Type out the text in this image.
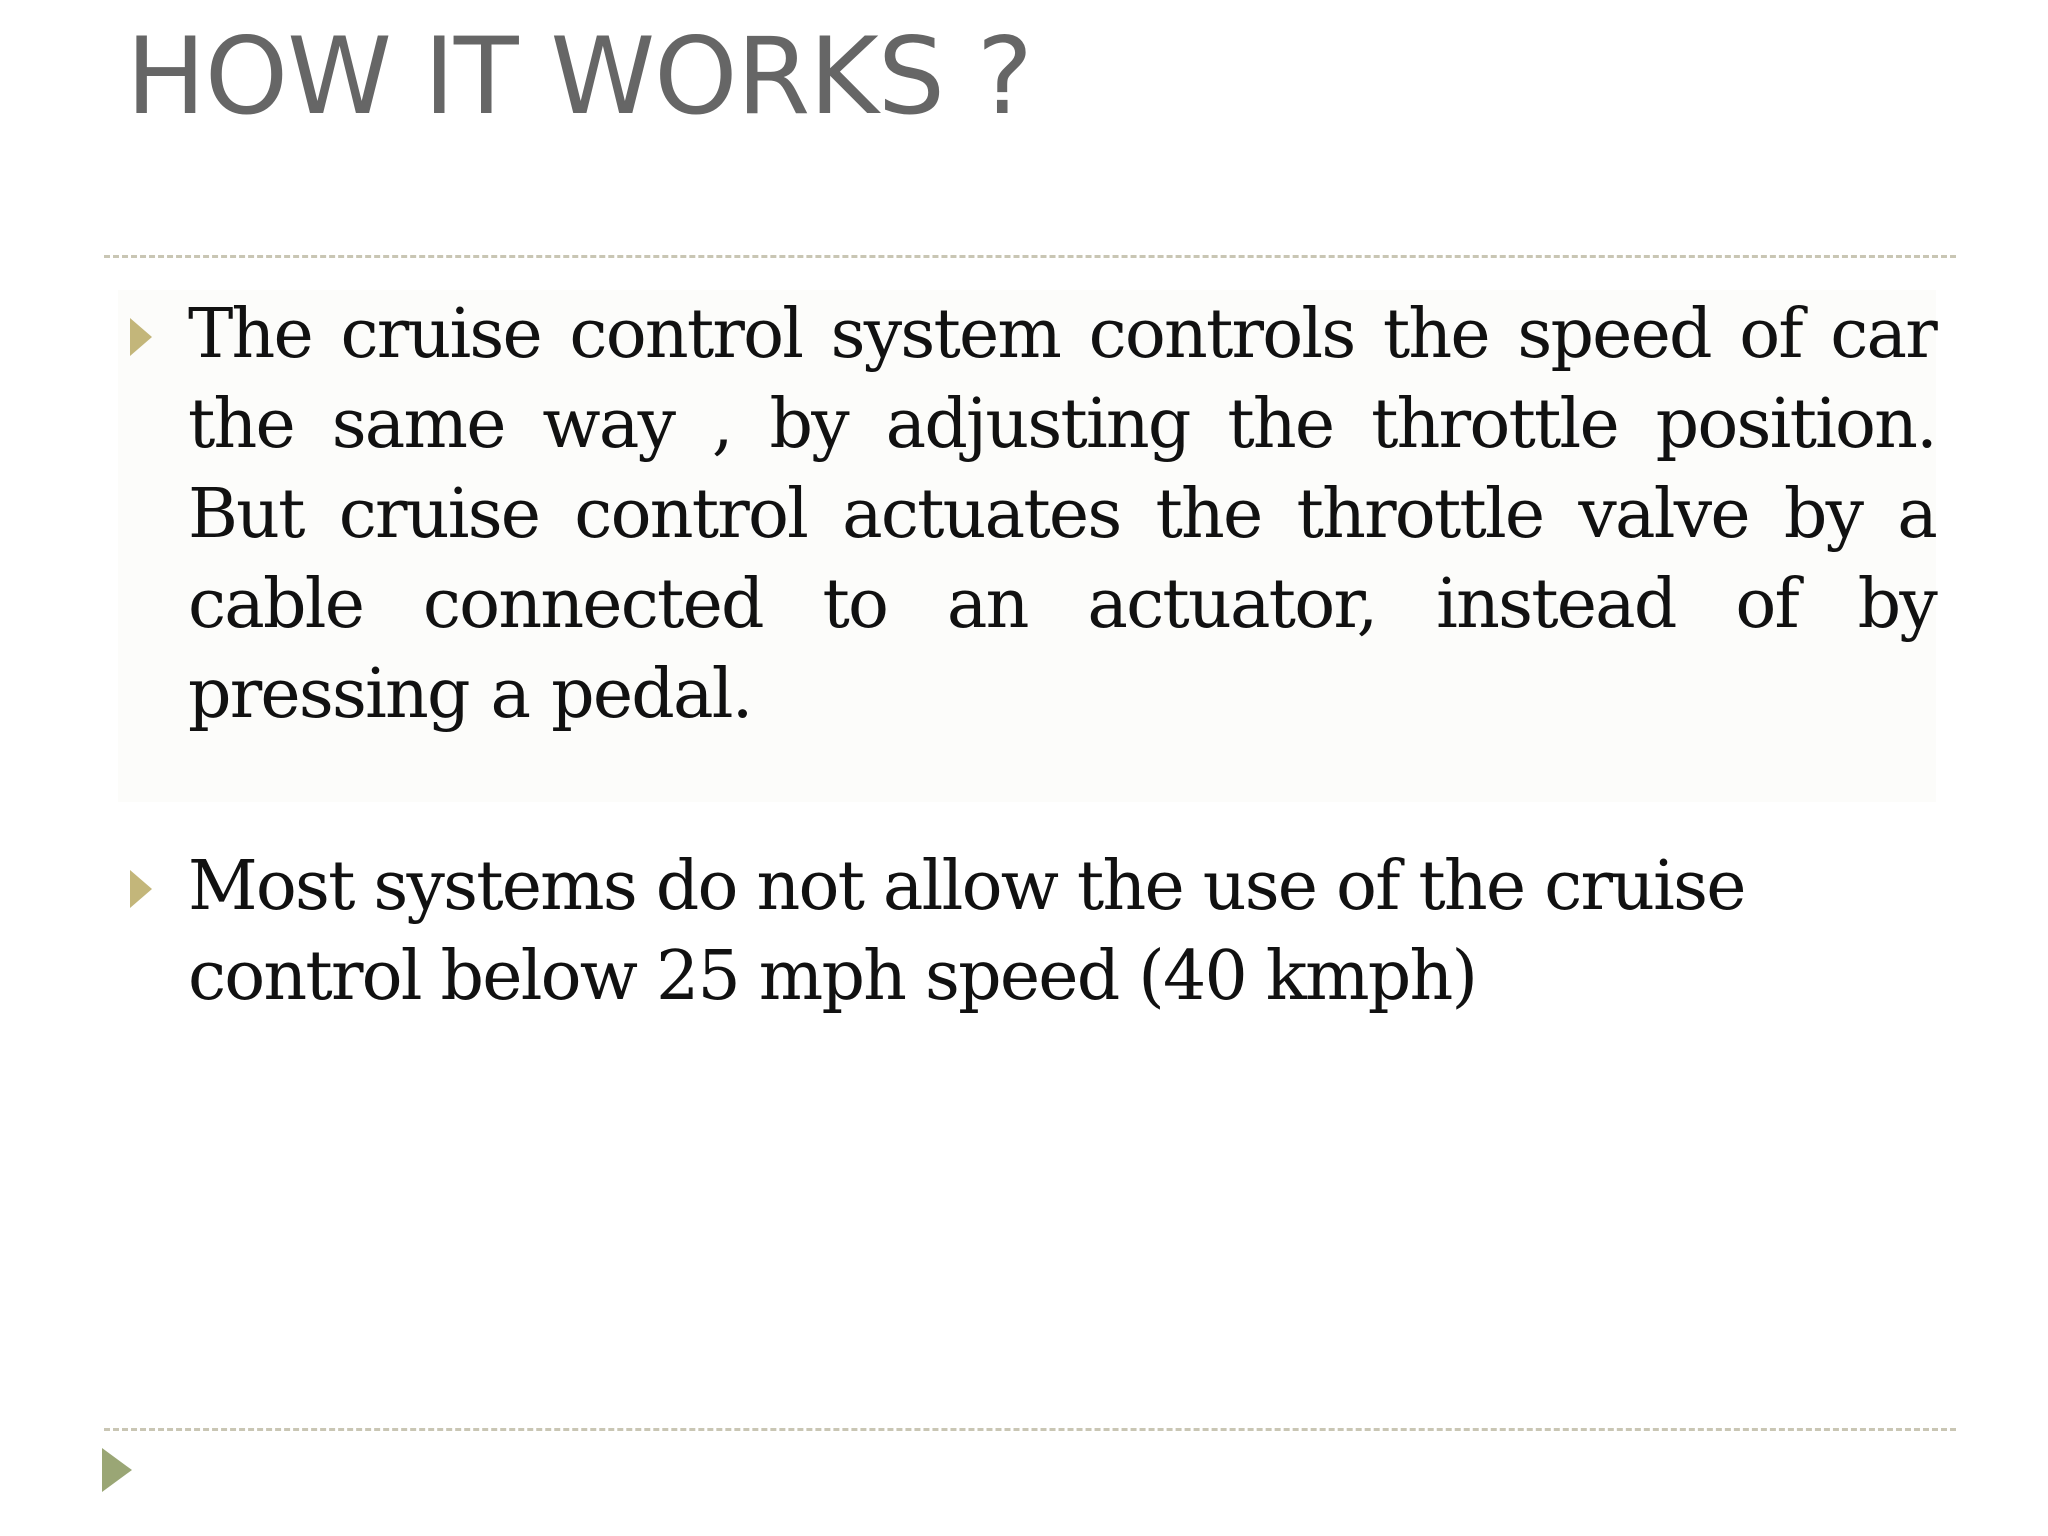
HOW IT WORKS ?
The cruise control system controls the speed of car the same way , by adjusting the throttle position. But cruise control actuates the throttle valve by a cable connected to an actuator, instead of by pressing a pedal.
Most systems do not allow the use of the cruise control below 25 mph speed (40 kmph)
